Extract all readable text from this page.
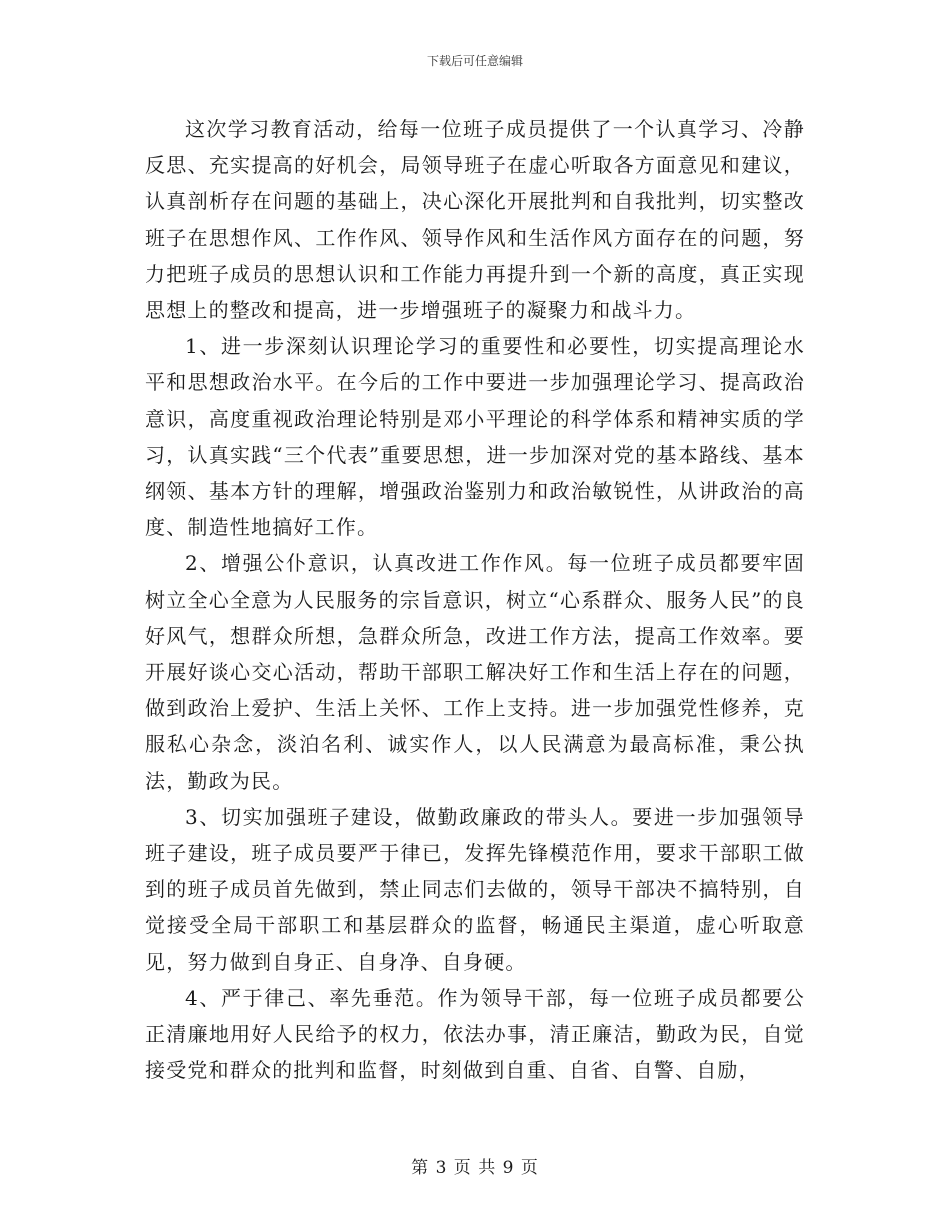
下载后可任意编辑

这次学习教育活动，给每一位班子成员提供了一个认真学习、冷静反思、充实提高的好机会，局领导班子在虚心听取各方面意见和建议，认真剖析存在问题的基础上，决心深化开展批判和自我批判，切实整改班子在思想作风、工作作风、领导作风和生活作风方面存在的问题，努力把班子成员的思想认识和工作能力再提升到一个新的高度，真正实现思想上的整改和提高，进一步增强班子的凝聚力和战斗力。

1、进一步深刻认识理论学习的重要性和必要性，切实提高理论水平和思想政治水平。在今后的工作中要进一步加强理论学习、提高政治意识，高度重视政治理论特别是邓小平理论的科学体系和精神实质的学习，认真实践“三个代表”重要思想，进一步加深对党的基本路线、基本纲领、基本方针的理解，增强政治鉴别力和政治敏锐性，从讲政治的高度、制造性地搞好工作。

2、增强公仆意识，认真改进工作作风。每一位班子成员都要牢固树立全心全意为人民服务的宗旨意识，树立“心系群众、服务人民”的良好风气，想群众所想，急群众所急，改进工作方法，提高工作效率。要开展好谈心交心活动，帮助干部职工解决好工作和生活上存在的问题，做到政治上爱护、生活上关怀、工作上支持。进一步加强党性修养，克服私心杂念，淡泊名利、诚实作人，以人民满意为最高标准，秉公执法，勤政为民。

3、切实加强班子建设，做勤政廉政的带头人。要进一步加强领导班子建设，班子成员要严于律已，发挥先锋模范作用，要求干部职工做到的班子成员首先做到，禁止同志们去做的，领导干部决不搞特别，自觉接受全局干部职工和基层群众的监督，畅通民主渠道，虚心听取意见，努力做到自身正、自身净、自身硬。

4、严于律己、率先垂范。作为领导干部，每一位班子成员都要公正清廉地用好人民给予的权力，依法办事，清正廉洁，勤政为民，自觉接受党和群众的批判和监督，时刻做到自重、自省、自警、自励，

第 3 页 共 9 页
